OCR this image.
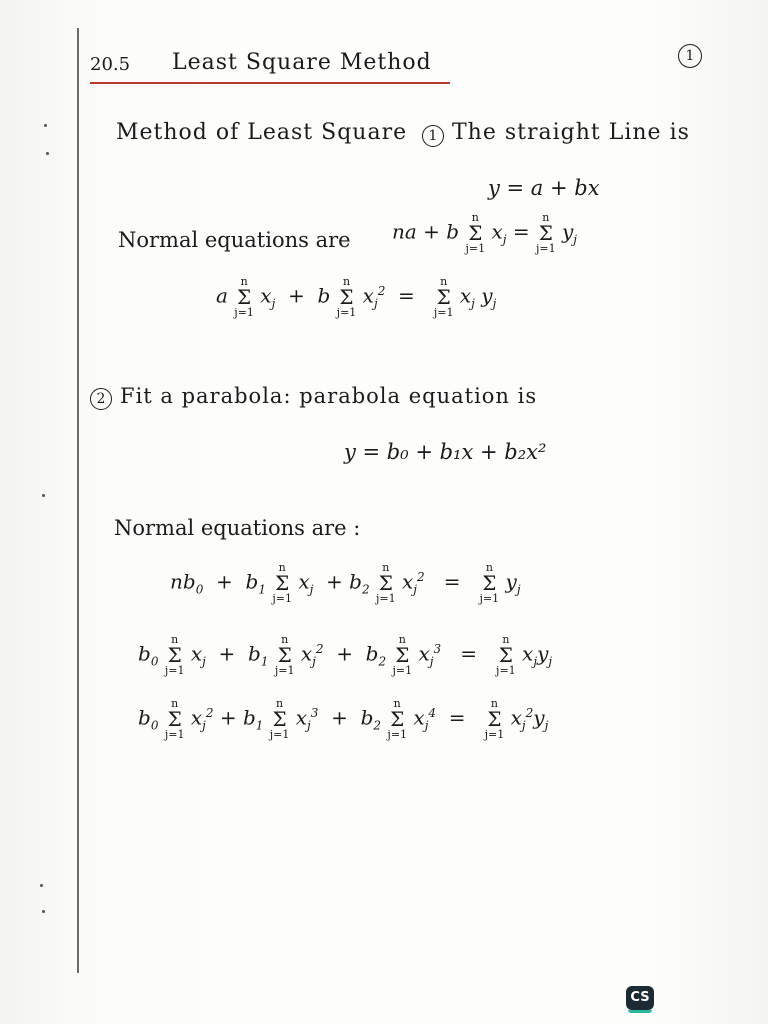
20.5 Least Square Method	1
Method of Least Square	1 The straight Line is
y = a + bx
Normal equations are na + b n
Σ
j=1 $x_j = n$
Σ
j=1 $y_j$
a n
Σ
j=1 $x_j + b$ n
Σ
j=1 $x_j^2 = n$
Σ
j=1 $x_j$ $y_j$
2 Fit a parabola: parabola equation is
y = b₀ + b₁x + b₂x²
Normal equations are :
$nb_0 + b_1$ n
Σ
j=1 $x_j + b_2$ n
Σ
j=1 $x_j^2 = n$
Σ
j=1 $y_j$
$b_0$ n
Σ
j=1 $x_j + b_1$ n
Σ
j=1 $x_j^2 + b_2$ n
Σ
j=1 $x_j^3 = n$
Σ
j=1 $x_jy_j$
$b_0$ n
Σ
j=1 $x_j^2 + b_1$ n
Σ
j=1 $x_j^3 + b_2$ n
Σ
j=1 $x_j^4 = n$
Σ
j=1 $x_j^2y_j$
CS
